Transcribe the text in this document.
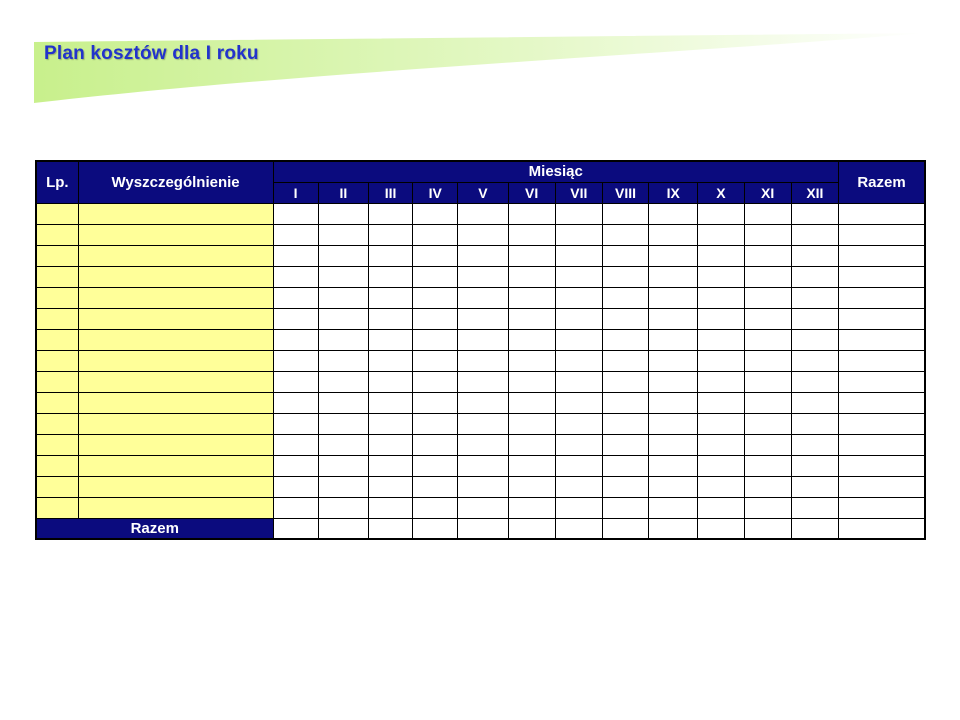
Plan kosztów dla I roku
Lp.	Wyszczególnienie	Miesiąc												Razem
		I	II	III	IV	V	VI	VII	VIII	IX	X	XI	XII	

Razem														
